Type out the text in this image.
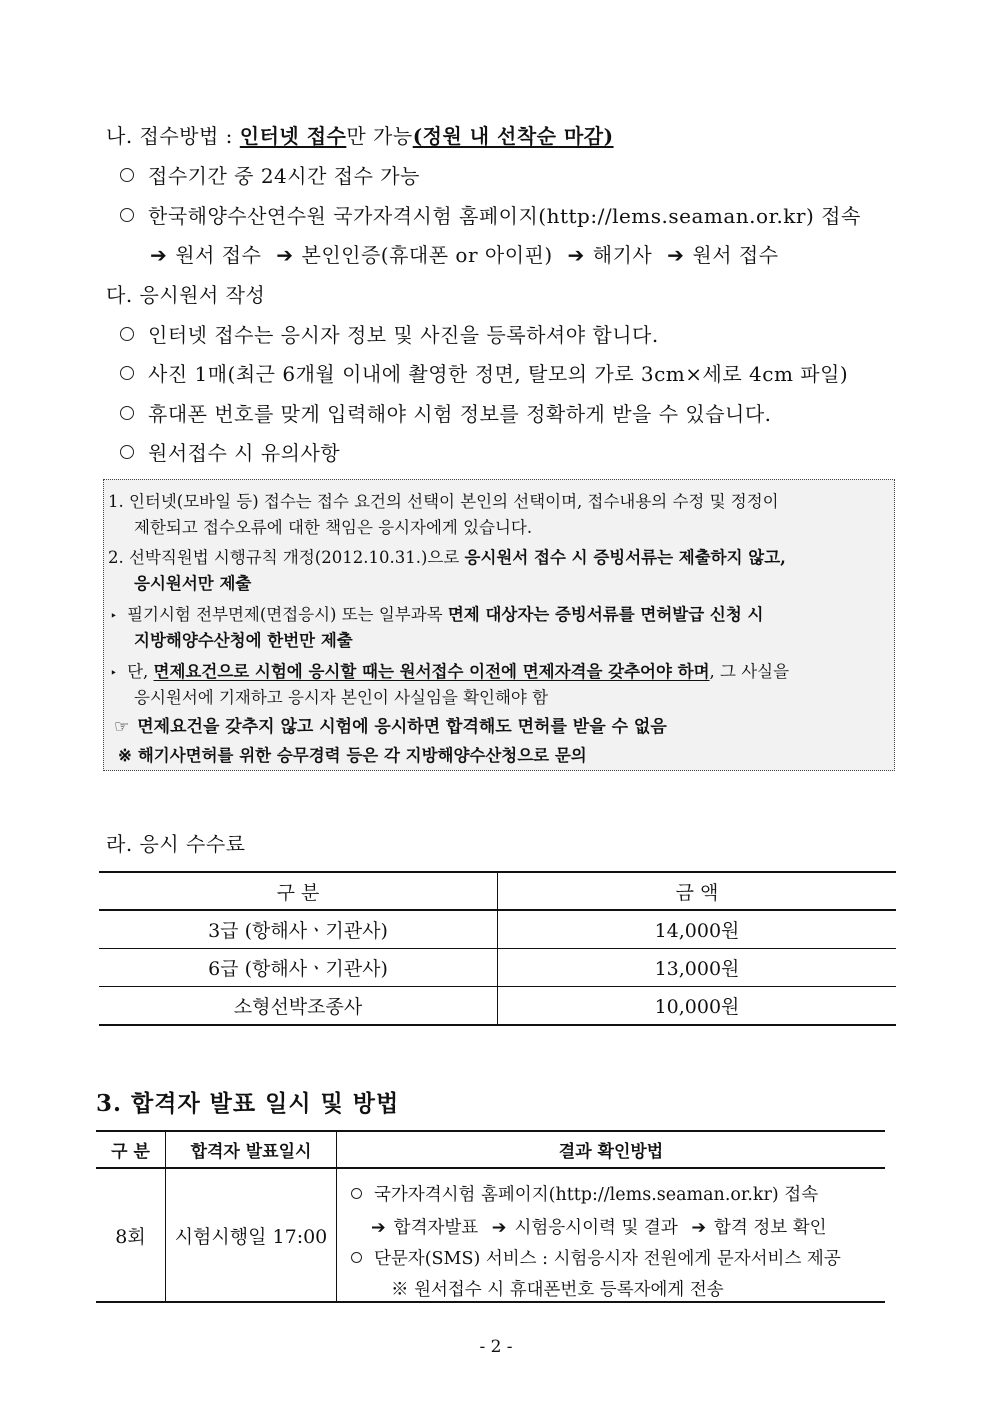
나. 접수방법 : 인터넷 접수만 가능(정원 내 선착순 마감)
접수기간 중 24시간 접수 가능
한국해양수산연수원 국가자격시험 홈페이지(http://lems.seaman.or.kr) 접속
➔ 원서 접수 ➔ 본인인증(휴대폰 or 아이핀) ➔ 해기사 ➔ 원서 접수
다. 응시원서 작성
인터넷 접수는 응시자 정보 및 사진을 등록하셔야 합니다.
사진 1매(최근 6개월 이내에 촬영한 정면, 탈모의 가로 3cm×세로 4cm 파일)
휴대폰 번호를 맞게 입력해야 시험 정보를 정확하게 받을 수 있습니다.
원서접수 시 유의사항
1. 인터넷(모바일 등) 접수는 접수 요건의 선택이 본인의 선택이며, 접수내용의 수정 및 정정이
제한되고 접수오류에 대한 책임은 응시자에게 있습니다.
2. 선박직원법 시행규칙 개정(2012.10.31.)으로 응시원서 접수 시 증빙서류는 제출하지 않고,
응시원서만 제출
‣ 필기시험 전부면제(면접응시) 또는 일부과목 면제 대상자는 증빙서류를 면허발급 신청 시
지방해양수산청에 한번만 제출
‣ 단, 면제요건으로 시험에 응시할 때는 원서접수 이전에 면제자격을 갖추어야 하며, 그 사실을
응시원서에 기재하고 응시자 본인이 사실임을 확인해야 함
☞ 면제요건을 갖추지 않고 시험에 응시하면 합격해도 면허를 받을 수 없음
※ 해기사면허를 위한 승무경력 등은 각 지방해양수산청으로 문의
라. 응시 수수료
구 분	금 액
3급 (항해사ㆍ기관사)	14,000원
6급 (항해사ㆍ기관사)	13,000원
소형선박조종사	10,000원
3. 합격자 발표 일시 및 방법
구 분	합격자 발표일시	결과 확인방법
8회	시험시행일 17:00	국가자격시험 홈페이지(http://lems.seaman.or.kr) 접속
➔ 합격자발표 ➔ 시험응시이력 및 결과 ➔ 합격 정보 확인
단문자(SMS) 서비스 : 시험응시자 전원에게 문자서비스 제공
※ 원서접수 시 휴대폰번호 등록자에게 전송
- 2 -
